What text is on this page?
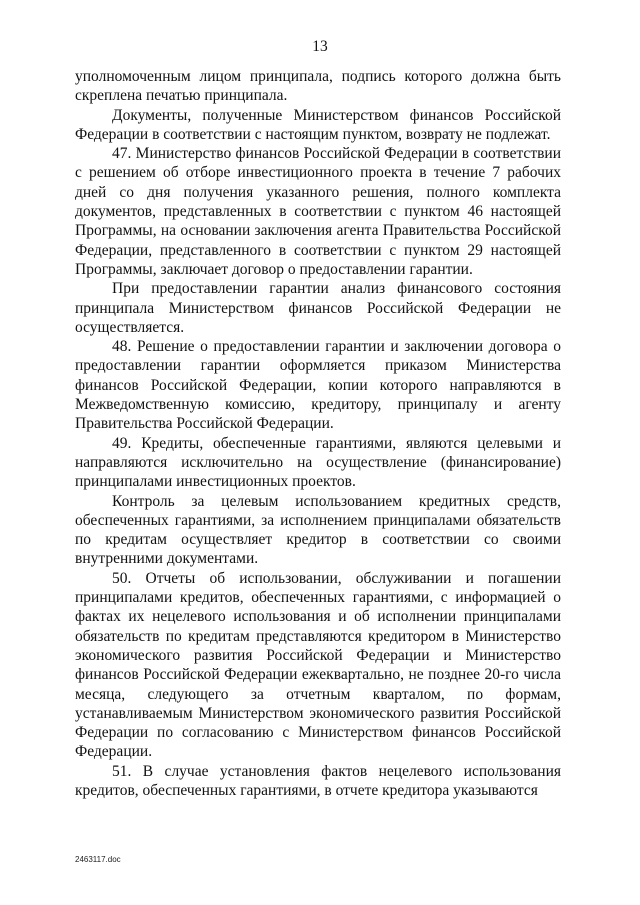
13

уполномоченным лицом принципала, подпись которого должна быть скреплена печатью принципала.

Документы, полученные Министерством финансов Российской Федерации в соответствии с настоящим пунктом, возврату не подлежат.

47. Министерство финансов Российской Федерации в соответствии с решением об отборе инвестиционного проекта в течение 7 рабочих дней со дня получения указанного решения, полного комплекта документов, представленных в соответствии с пунктом 46 настоящей Программы, на основании заключения агента Правительства Российской Федерации, представленного в соответствии с пунктом 29 настоящей Программы, заключает договор о предоставлении гарантии.

При предоставлении гарантии анализ финансового состояния принципала Министерством финансов Российской Федерации не осуществляется.

48. Решение о предоставлении гарантии и заключении договора о предоставлении гарантии оформляется приказом Министерства финансов Российской Федерации, копии которого направляются в Межведомственную комиссию, кредитору, принципалу и агенту Правительства Российской Федерации.

49. Кредиты, обеспеченные гарантиями, являются целевыми и направляются исключительно на осуществление (финансирование) принципалами инвестиционных проектов.

Контроль за целевым использованием кредитных средств, обеспеченных гарантиями, за исполнением принципалами обязательств по кредитам осуществляет кредитор в соответствии со своими внутренними документами.

50. Отчеты об использовании, обслуживании и погашении принципалами кредитов, обеспеченных гарантиями, с информацией о фактах их нецелевого использования и об исполнении принципалами обязательств по кредитам представляются кредитором в Министерство экономического развития Российской Федерации и Министерство финансов Российской Федерации ежеквартально, не позднее 20-го числа месяца, следующего за отчетным кварталом, по формам, устанавливаемым Министерством экономического развития Российской Федерации по согласованию с Министерством финансов Российской Федерации.

51. В случае установления фактов нецелевого использования кредитов, обеспеченных гарантиями, в отчете кредитора указываются

2463117.doc
